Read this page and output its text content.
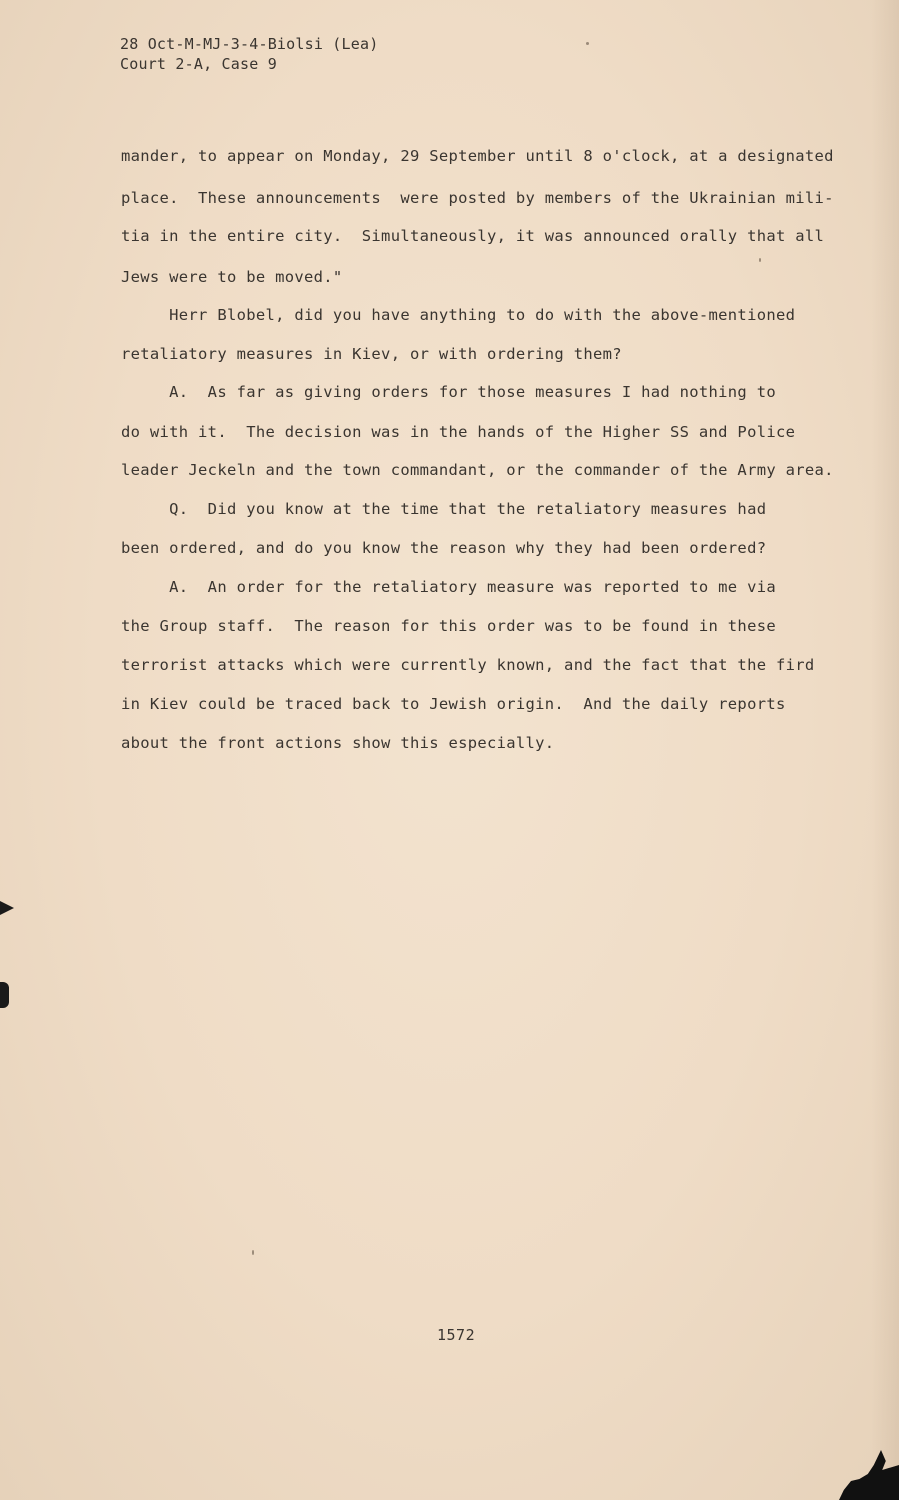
28 Oct-M-MJ-3-4-Biolsi (Lea)
Court 2-A, Case 9
mander, to appear on Monday, 29 September until 8 o'clock, at a designated
place.  These announcements  were posted by members of the Ukrainian mili-
tia in the entire city.  Simultaneously, it was announced orally that all
Jews were to be moved."
Herr Blobel, did you have anything to do with the above-mentioned
retaliatory measures in Kiev, or with ordering them?
A.  As far as giving orders for those measures I had nothing to
do with it.  The decision was in the hands of the Higher SS and Police
leader Jeckeln and the town commandant, or the commander of the Army area.
Q.  Did you know at the time that the retaliatory measures had
been ordered, and do you know the reason why they had been ordered?
A.  An order for the retaliatory measure was reported to me via
the Group staff.  The reason for this order was to be found in these
terrorist attacks which were currently known, and the fact that the fird
in Kiev could be traced back to Jewish origin.  And the daily reports
about the front actions show this especially.
1572
